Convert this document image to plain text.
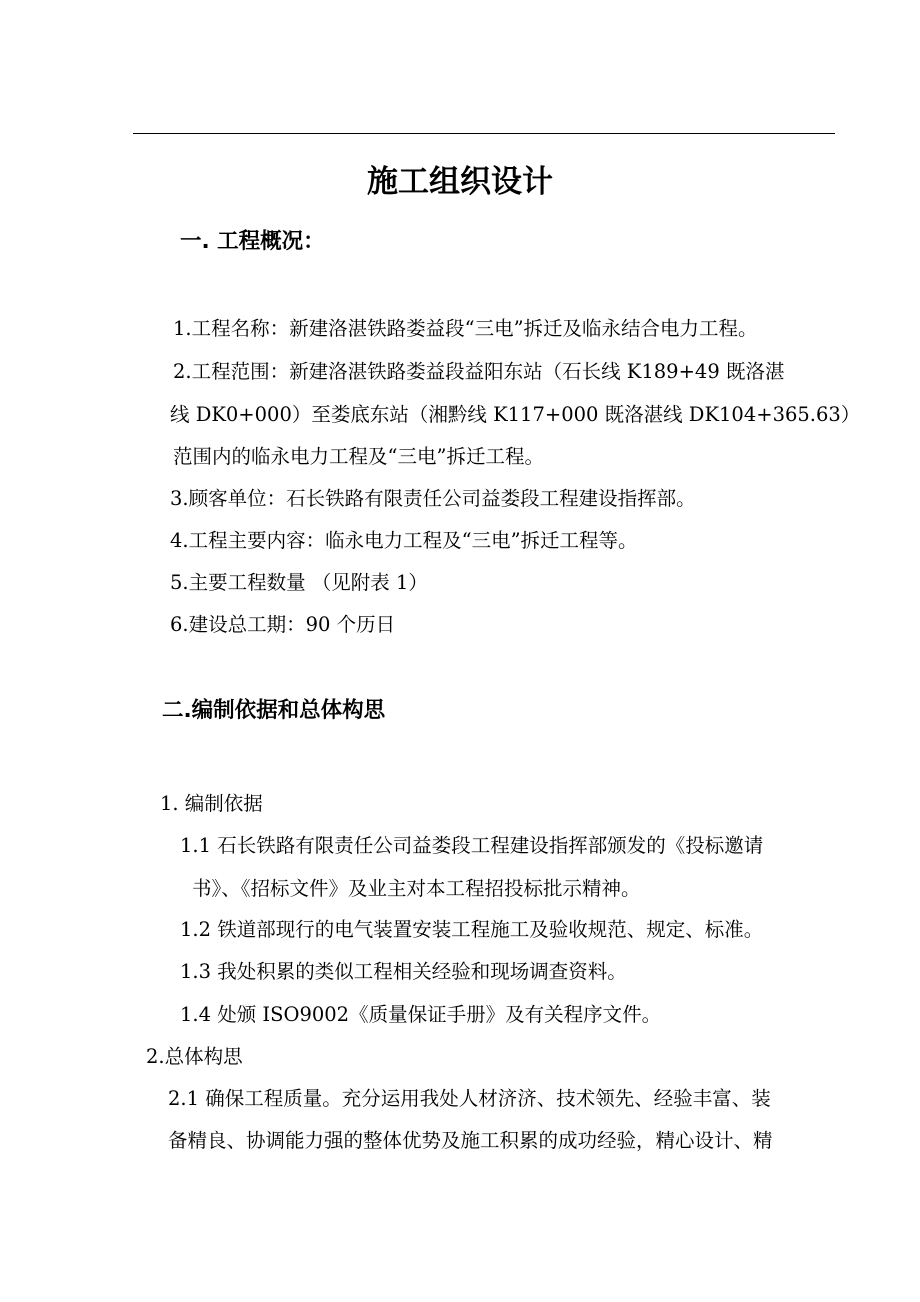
施工组织设计
一. 工程概况：
1.工程名称：新建洛湛铁路娄益段“三电”拆迁及临永结合电力工程。
2.工程范围：新建洛湛铁路娄益段益阳东站（石长线 K189+49 既洛湛
线 DK0+000）至娄底东站（湘黔线 K117+000 既洛湛线 DK104+365.63）
范围内的临永电力工程及“三电”拆迁工程。
3.顾客单位：石长铁路有限责任公司益娄段工程建设指挥部。
4.工程主要内容：临永电力工程及“三电”拆迁工程等。
5.主要工程数量 （见附表 1）
6.建设总工期：90 个历日
二.编制依据和总体构思
1. 编制依据
1.1 石长铁路有限责任公司益娄段工程建设指挥部颁发的《投标邀请
书》、《招标文件》及业主对本工程招投标批示精神。
1.2 铁道部现行的电气装置安装工程施工及验收规范、规定、标准。
1.3 我处积累的类似工程相关经验和现场调查资料。
1.4 处颁 ISO9002《质量保证手册》及有关程序文件。
2.总体构思
2.1 确保工程质量。充分运用我处人材济济、技术领先、经验丰富、装
备精良、协调能力强的整体优势及施工积累的成功经验，精心设计、精
